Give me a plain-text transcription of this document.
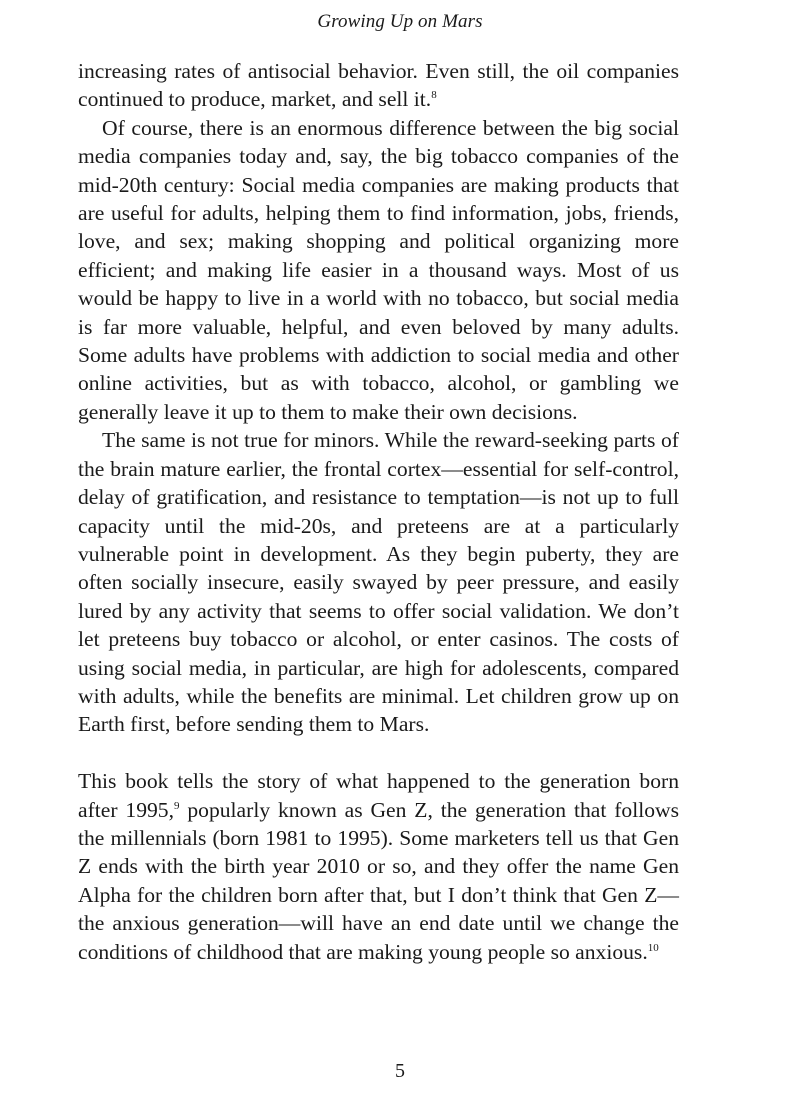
Growing Up on Mars

increasing rates of antisocial behavior. Even still, the oil companies continued to produce, market, and sell it.$^8$

Of course, there is an enormous difference between the big social media companies today and, say, the big tobacco companies of the mid-20th century: Social media companies are making products that are useful for adults, helping them to find information, jobs, friends, love, and sex; making shopping and political organizing more efficient; and making life easier in a thousand ways. Most of us would be happy to live in a world with no tobacco, but social media is far more valuable, helpful, and even beloved by many adults. Some adults have problems with addiction to social media and other online activities, but as with tobacco, alcohol, or gambling we generally leave it up to them to make their own decisions.

The same is not true for minors. While the reward-seeking parts of the brain mature earlier, the frontal cortex—essential for self-control, delay of gratification, and resistance to temptation—is not up to full capacity until the mid-20s, and preteens are at a particularly vulnerable point in development. As they begin puberty, they are often socially insecure, easily swayed by peer pressure, and easily lured by any activity that seems to offer social validation. We don’t let preteens buy tobacco or alcohol, or enter casinos. The costs of using social media, in particular, are high for adolescents, compared with adults, while the benefits are minimal. Let children grow up on Earth first, before sending them to Mars.

This book tells the story of what happened to the generation born after 1995,$^9$ popularly known as Gen Z, the generation that follows the millennials (born 1981 to 1995). Some marketers tell us that Gen Z ends with the birth year 2010 or so, and they offer the name Gen Alpha for the children born after that, but I don’t think that Gen Z—the anxious generation—will have an end date until we change the conditions of childhood that are making young people so anxious.$^{10}$

5
